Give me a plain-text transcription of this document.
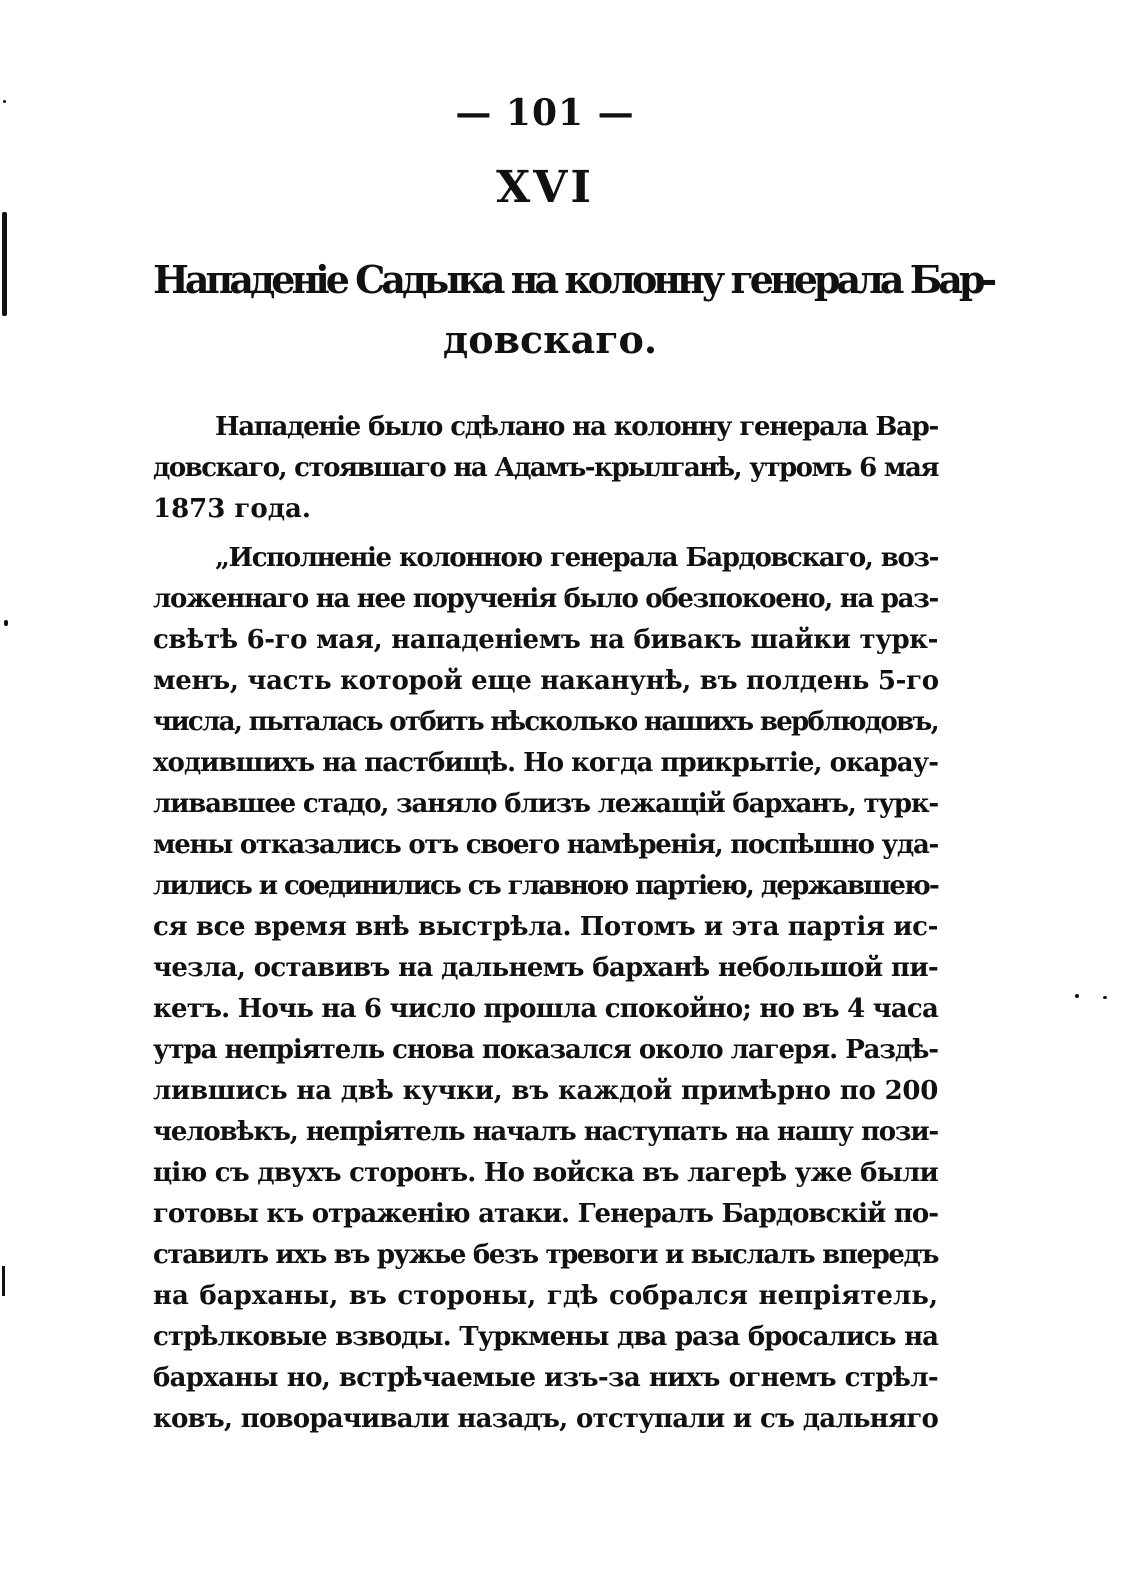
— 101 —
XVI
Нападеніе Садыка на колонну генерала Бар-
довскаго.
Нападеніе было сдѣлано на колонну генерала Вар-
довскаго, стоявшаго на Адамъ-крылганѣ, утромъ 6 мая
1873 года.
„Исполненіе колонною генерала Бардовскаго, воз-
ложеннаго на нее порученія было обезпокоено, на раз-
свѣтѣ 6-го мая, нападеніемъ на бивакъ шайки турк-
менъ, часть которой еще наканунѣ, въ полдень 5-го
числа, пыталась отбить нѣсколько нашихъ верблюдовъ,
ходившихъ на пастбищѣ. Но когда прикрытіе, окарау-
ливавшее стадо, заняло близъ лежащій барханъ, турк-
мены отказались отъ своего намѣренія, поспѣшно уда-
лились и соединились съ главною партіею, державшею-
ся все время внѣ выстрѣла. Потомъ и эта партія ис-
чезла, оставивъ на дальнемъ барханѣ небольшой пи-
кетъ. Ночь на 6 число прошла спокойно; но въ 4 часа
утра непріятель снова показался около лагеря. Раздѣ-
лившись на двѣ кучки, въ каждой примѣрно по 200
человѣкъ, непріятель началъ наступать на нашу пози-
цію съ двухъ сторонъ. Но войска въ лагерѣ уже были
готовы къ отраженію атаки. Генералъ Бардовскій по-
ставилъ ихъ въ ружье безъ тревоги и выслалъ впередъ
на барханы, въ стороны, гдѣ собрался непріятель,
стрѣлковые взводы. Туркмены два раза бросались на
барханы но, встрѣчаемые изъ-за нихъ огнемъ стрѣл-
ковъ, поворачивали назадъ, отступали и съ дальняго
